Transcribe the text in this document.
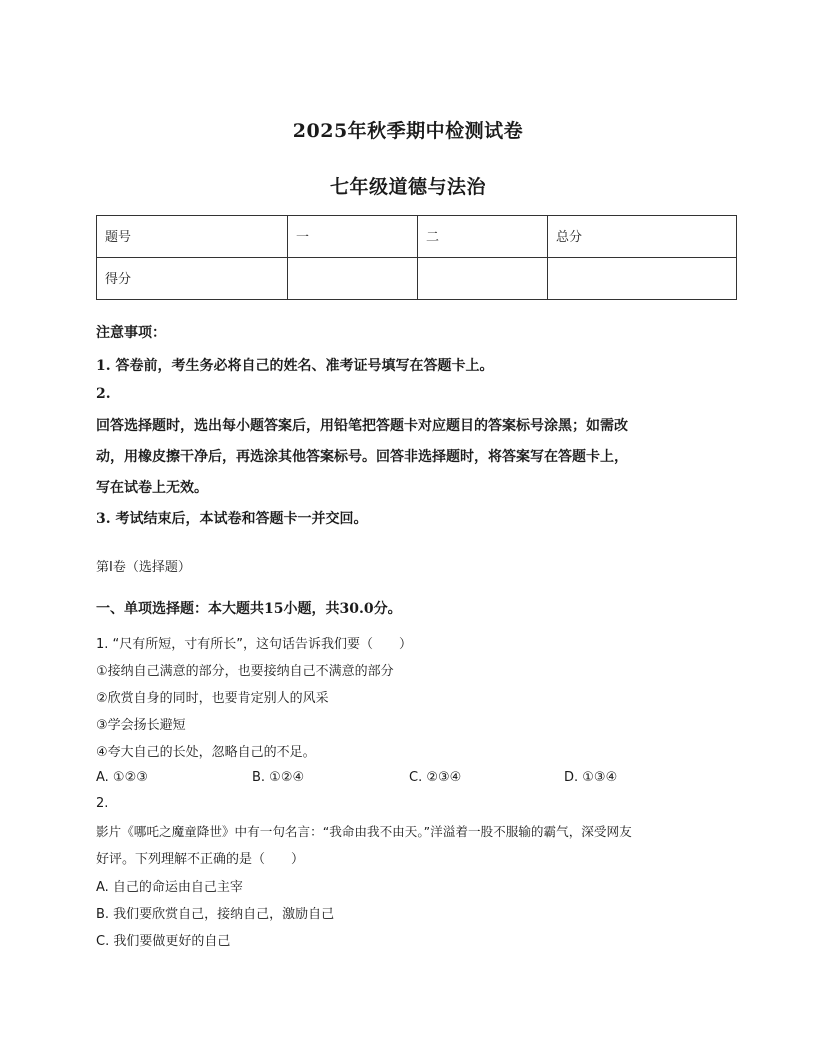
2025年秋季期中检测试卷
七年级道德与法治
题号	一	二	总分
得分			
注意事项：
1. 答卷前，考生务必将自己的姓名、准考证号填写在答题卡上。
2.
回答选择题时，选出每小题答案后，用铅笔把答题卡对应题目的答案标号涂黑；如需改
动，用橡皮擦干净后，再选涂其他答案标号。回答非选择题时，将答案写在答题卡上，
写在试卷上无效。
3. 考试结束后，本试卷和答题卡一并交回。
第Ⅰ卷（选择题）
一、单项选择题：本大题共15小题，共30.0分。
1. “尺有所短，寸有所长”，这句话告诉我们要（　　）
①接纳自己满意的部分，也要接纳自己不满意的部分
②欣赏自身的同时，也要肯定别人的风采
③学会扬长避短
④夸大自己的长处，忽略自己的不足。
A. ①②③	B. ①②④	C. ②③④	D. ①③④
2.
影片《哪吒之魔童降世》中有一句名言：“我命由我不由天。”洋溢着一股不服输的霸气，深受网友
好评。下列理解不正确的是（　　）
A. 自己的命运由自己主宰
B. 我们要欣赏自己，接纳自己，激励自己
C. 我们要做更好的自己
